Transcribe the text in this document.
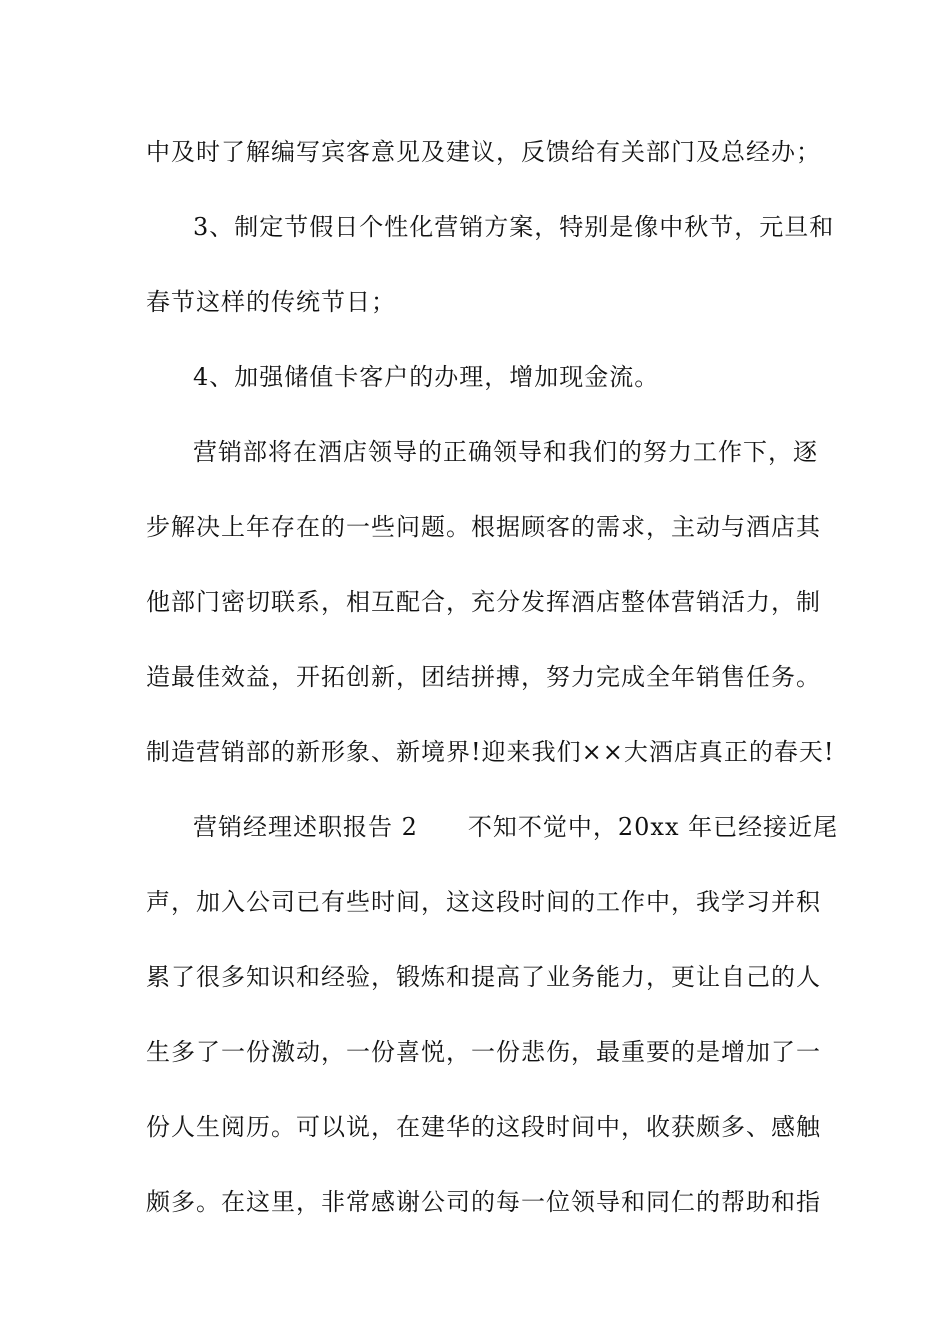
中及时了解编写宾客意见及建议，反馈给有关部门及总经办；
3、制定节假日个性化营销方案，特别是像中秋节，元旦和
春节这样的传统节日；
4、加强储值卡客户的办理，增加现金流。
营销部将在酒店领导的正确领导和我们的努力工作下，逐
步解决上年存在的一些问题。根据顾客的需求，主动与酒店其
他部门密切联系，相互配合，充分发挥酒店整体营销活力，制
造最佳效益，开拓创新，团结拼搏，努力完成全年销售任务。
制造营销部的新形象、新境界!迎来我们××大酒店真正的春天!
营销经理述职报告 2　　不知不觉中，20xx 年已经接近尾
声，加入公司已有些时间，这这段时间的工作中，我学习并积
累了很多知识和经验，锻炼和提高了业务能力，更让自己的人
生多了一份激动，一份喜悦，一份悲伤，最重要的是增加了一
份人生阅历。可以说，在建华的这段时间中，收获颇多、感触
颇多。在这里，非常感谢公司的每一位领导和同仁的帮助和指
